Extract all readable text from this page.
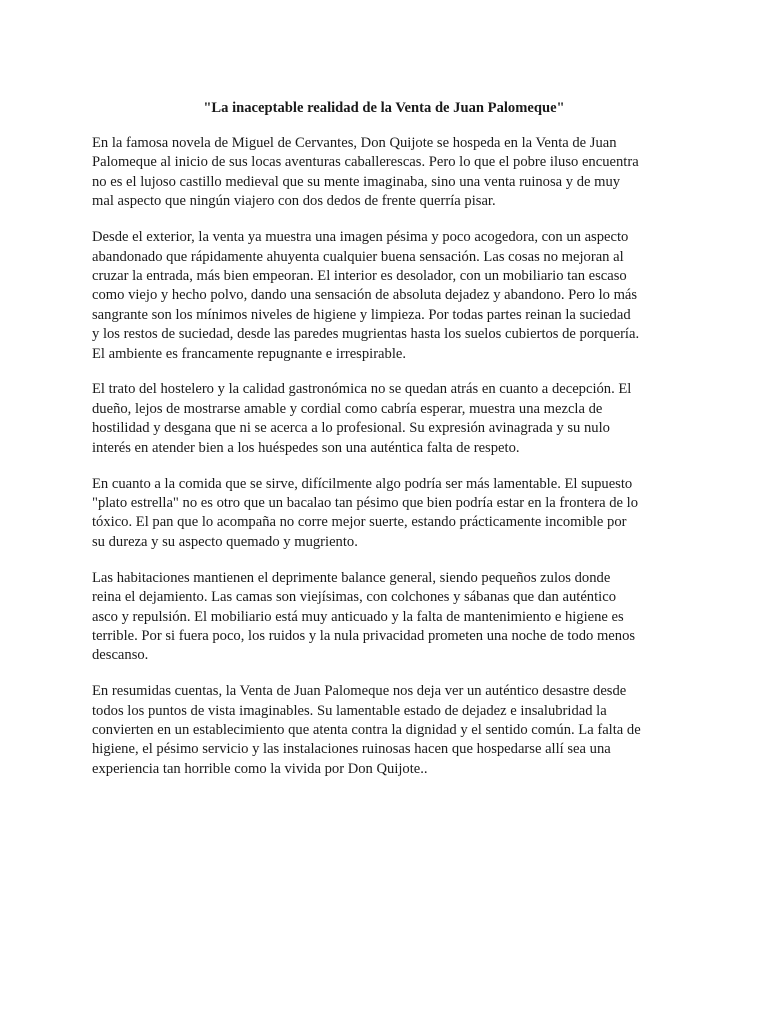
"La inaceptable realidad de la Venta de Juan Palomeque"

En la famosa novela de Miguel de Cervantes, Don Quijote se hospeda en la Venta de Juan
Palomeque al inicio de sus locas aventuras caballerescas. Pero lo que el pobre iluso encuentra
no es el lujoso castillo medieval que su mente imaginaba, sino una venta ruinosa y de muy
mal aspecto que ningún viajero con dos dedos de frente querría pisar.

Desde el exterior, la venta ya muestra una imagen pésima y poco acogedora, con un aspecto
abandonado que rápidamente ahuyenta cualquier buena sensación. Las cosas no mejoran al
cruzar la entrada, más bien empeoran. El interior es desolador, con un mobiliario tan escaso
como viejo y hecho polvo, dando una sensación de absoluta dejadez y abandono. Pero lo más
sangrante son los mínimos niveles de higiene y limpieza. Por todas partes reinan la suciedad
y los restos de suciedad, desde las paredes mugrientas hasta los suelos cubiertos de porquería.
El ambiente es francamente repugnante e irrespirable.

El trato del hostelero y la calidad gastronómica no se quedan atrás en cuanto a decepción. El
dueño, lejos de mostrarse amable y cordial como cabría esperar, muestra una mezcla de
hostilidad y desgana que ni se acerca a lo profesional. Su expresión avinagrada y su nulo
interés en atender bien a los huéspedes son una auténtica falta de respeto.

En cuanto a la comida que se sirve, difícilmente algo podría ser más lamentable. El supuesto
"plato estrella" no es otro que un bacalao tan pésimo que bien podría estar en la frontera de lo
tóxico. El pan que lo acompaña no corre mejor suerte, estando prácticamente incomible por
su dureza y su aspecto quemado y mugriento.

Las habitaciones mantienen el deprimente balance general, siendo pequeños zulos donde
reina el dejamiento. Las camas son viejísimas, con colchones y sábanas que dan auténtico
asco y repulsión. El mobiliario está muy anticuado y la falta de mantenimiento e higiene es
terrible. Por si fuera poco, los ruidos y la nula privacidad prometen una noche de todo menos
descanso.

En resumidas cuentas, la Venta de Juan Palomeque nos deja ver un auténtico desastre desde
todos los puntos de vista imaginables. Su lamentable estado de dejadez e insalubridad la
convierten en un establecimiento que atenta contra la dignidad y el sentido común. La falta de
higiene, el pésimo servicio y las instalaciones ruinosas hacen que hospedarse allí sea una
experiencia tan horrible como la vivida por Don Quijote..
